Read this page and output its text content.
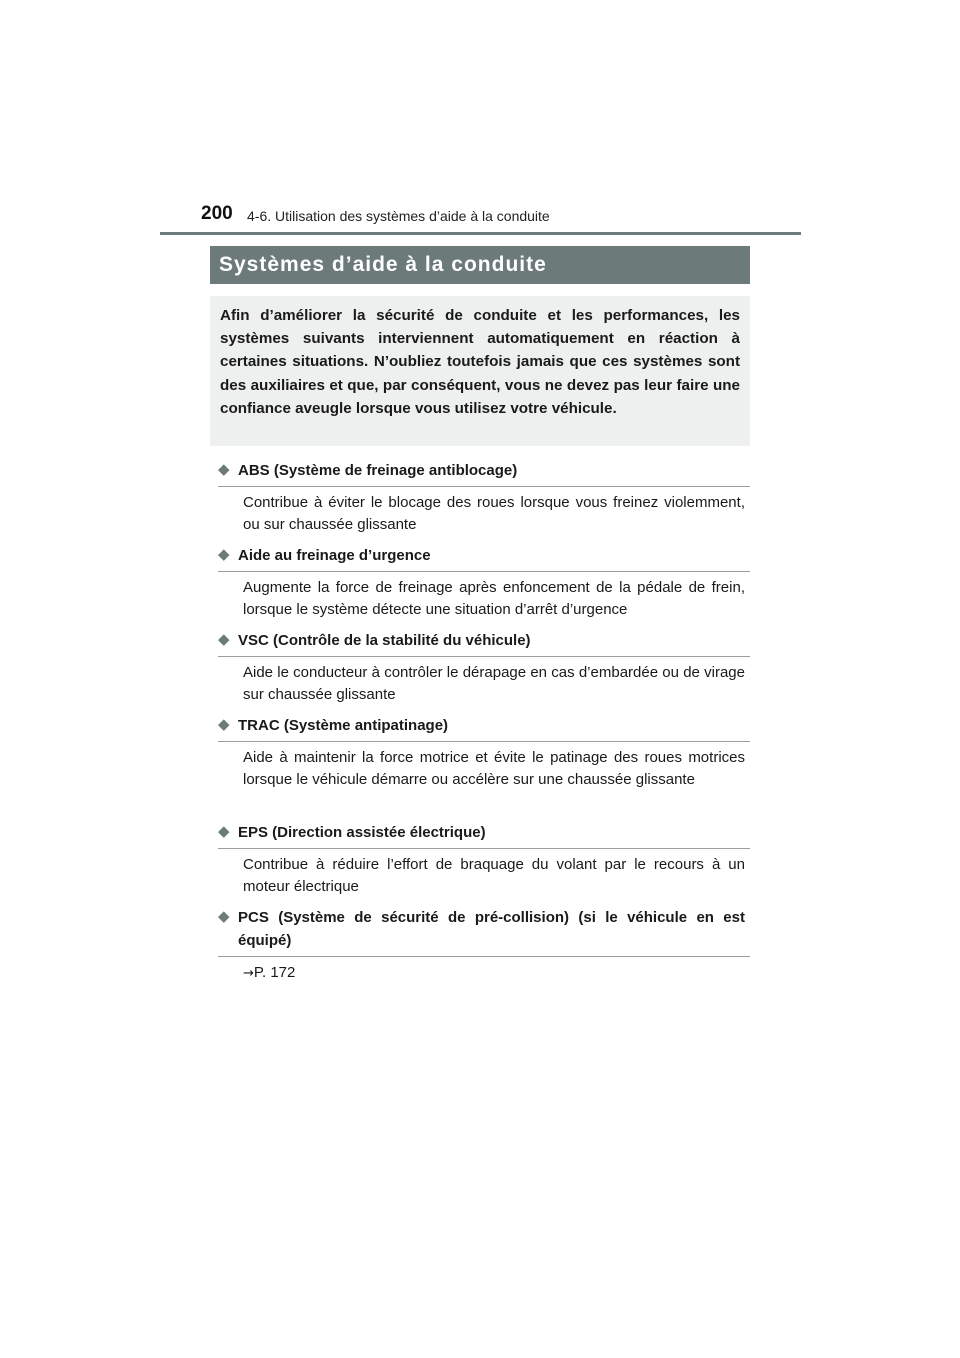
200 4-6. Utilisation des systèmes d’aide à la conduite
Systèmes d’aide à la conduite

Afin d’améliorer la sécurité de conduite et les performances, les systèmes suivants interviennent automatiquement en réaction à certaines situations. N’oubliez toutefois jamais que ces systèmes sont des auxiliaires et que, par conséquent, vous ne devez pas leur faire une confiance aveugle lorsque vous utilisez votre véhicule.

◆ ABS (Système de freinage antiblocage)

Contribue à éviter le blocage des roues lorsque vous freinez violemment, ou sur chaussée glissante

◆ Aide au freinage d’urgence

Augmente la force de freinage après enfoncement de la pédale de frein, lorsque le système détecte une situation d’arrêt d’urgence

◆ VSC (Contrôle de la stabilité du véhicule)

Aide le conducteur à contrôler le dérapage en cas d’embardée ou de virage sur chaussée glissante

◆ TRAC (Système antipatinage)

Aide à maintenir la force motrice et évite le patinage des roues motrices lorsque le véhicule démarre ou accélère sur une chaussée glissante

◆ EPS (Direction assistée électrique)

Contribue à réduire l’effort de braquage du volant par le recours à un moteur électrique

◆ PCS (Système de sécurité de pré-collision) (si le véhicule en est équipé)

→P. 172
